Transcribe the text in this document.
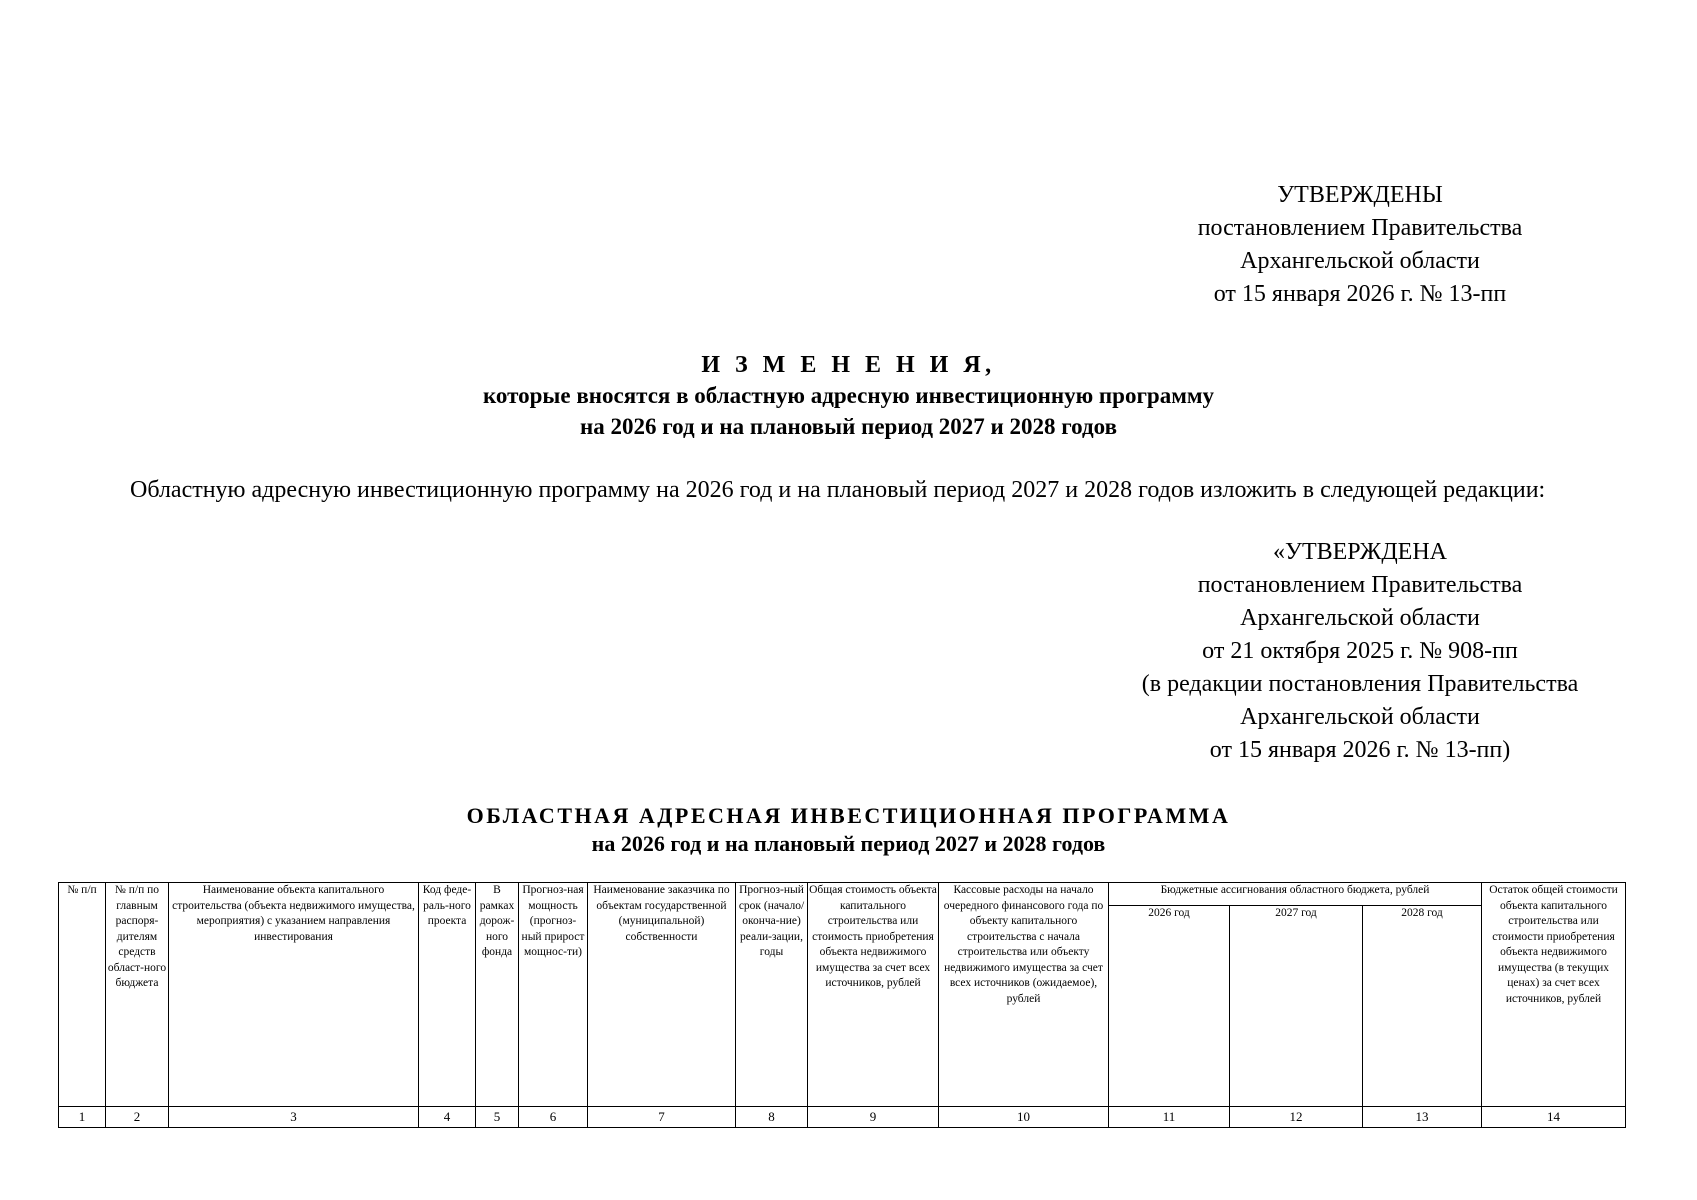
УТВЕРЖДЕНЫ
постановлением Правительства
Архангельской области
от 15 января 2026 г. № 13-пп
И З М Е Н Е Н И Я,
которые вносятся в областную адресную инвестиционную программу
на 2026 год и на плановый период 2027 и 2028 годов
Областную адресную инвестиционную программу на 2026 год и на плановый период 2027 и 2028 годов изложить в следующей редакции:
«УТВЕРЖДЕНА
постановлением Правительства
Архангельской области
от 21 октября 2025 г. № 908-пп
(в редакции постановления Правительства
Архангельской области
от 15 января 2026 г. № 13-пп)
ОБЛАСТНАЯ АДРЕСНАЯ ИНВЕСТИЦИОННАЯ ПРОГРАММА
на 2026 год и на плановый период 2027 и 2028 годов
№ п/п	№ п/п по главным распоря-дителям средств област-ного бюджета	Наименование объекта капитального строительства (объекта недвижимого имущества, мероприятия) с указанием направления инвестирования	Код феде-раль-ного проекта	В рамках дорож-ного фонда	Прогноз-ная мощность (прогноз-ный прирост мощнос-ти)	Наименование заказчика по объектам государственной (муниципальной) собственности	Прогноз-ный срок (начало/ оконча-ние) реали-зации, годы	Общая стоимость объекта капитального строительства или стоимость приобретения объекта недвижимого имущества за счет всех источников, рублей	Кассовые расходы на начало очередного финансового года по объекту капитального строительства с начала строительства или объекту недвижимого имущества за счет всех источников (ожидаемое), рублей	Бюджетные ассигнования областного бюджета, рублей			Остаток общей стоимости объекта капитального строительства или стоимости приобретения объекта недвижимого имущества (в текущих ценах) за счет всех источников, рублей
										2026 год	2027 год	2028 год	
1	2	3	4	5	6	7	8	9	10	11	12	13	14
